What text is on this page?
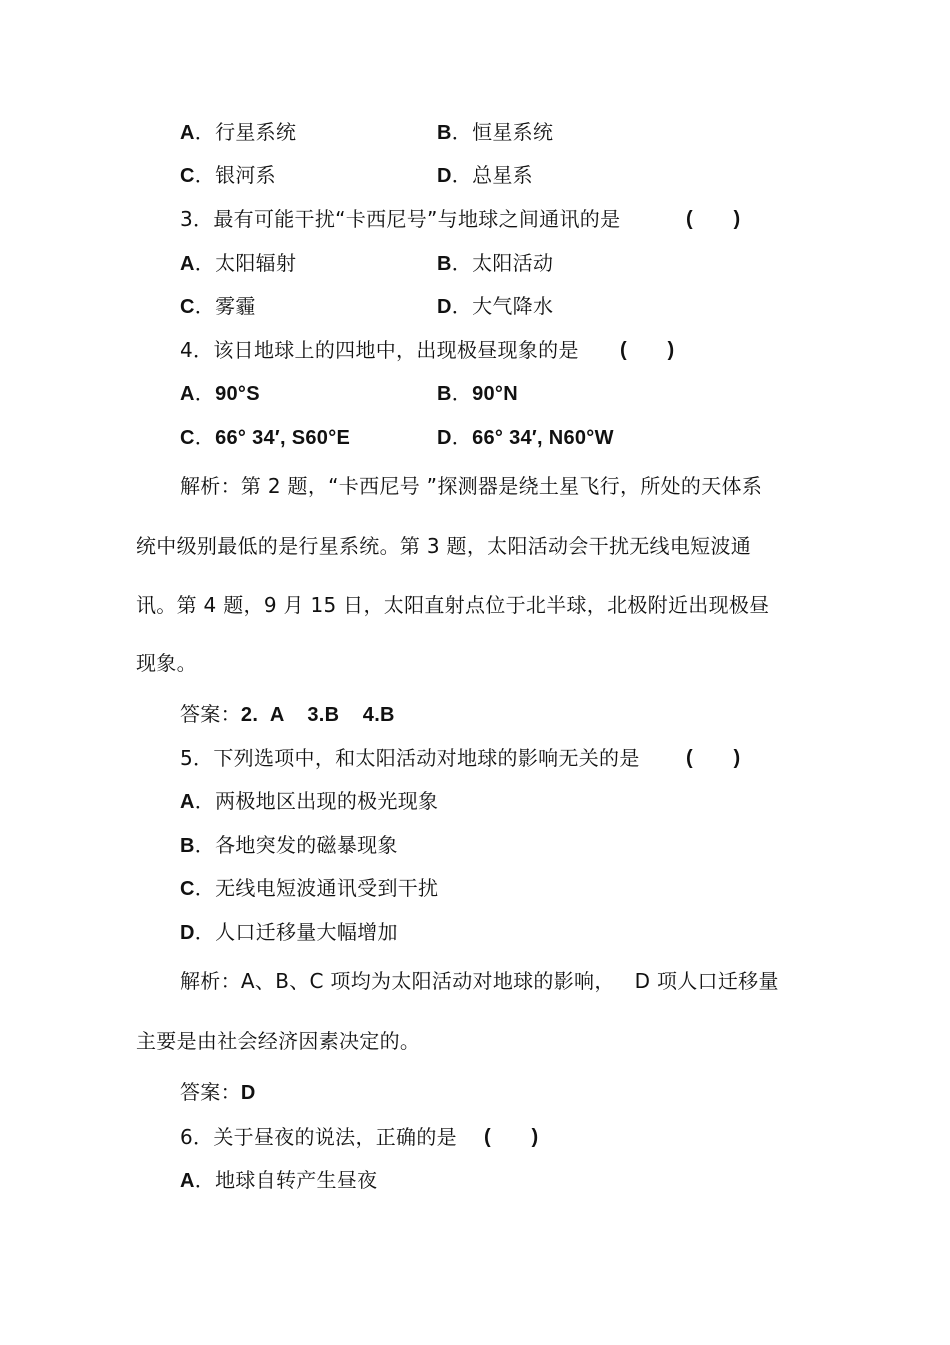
A．行星系统	B．恒星系统
C．银河系	D．总星系
3．最有可能干扰“卡西尼号”与地球之间通讯的是	(　　)
A．太阳辐射	B．太阳活动
C．雾霾	D．大气降水
4．该日地球上的四地中，出现极昼现象的是 (　　)
A．90°S	B．90°N
C．66° 34′, S60°E	D．66° 34′, N60°W
解析：第 2 题，“卡西尼号 ”探测器是绕土星飞行，所处的天体系
统中级别最低的是行星系统。第 3 题，太阳活动会干扰无线电短波通
讯。第 4 题，9 月 15 日，太阳直射点位于北半球，北极附近出现极昼
现象。
答案：2.  A    3.B    4.B
5．下列选项中，和太阳活动对地球的影响无关的是 (　　)
A．两极地区出现的极光现象
B．各地突发的磁暴现象
C．无线电短波通讯受到干扰
D．人口迁移量大幅增加
解析：A、B、C 项均为太阳活动对地球的影响，   D 项人口迁移量
主要是由社会经济因素决定的。
答案：D
6．关于昼夜的说法，正确的是 (　　)
A．地球自转产生昼夜
